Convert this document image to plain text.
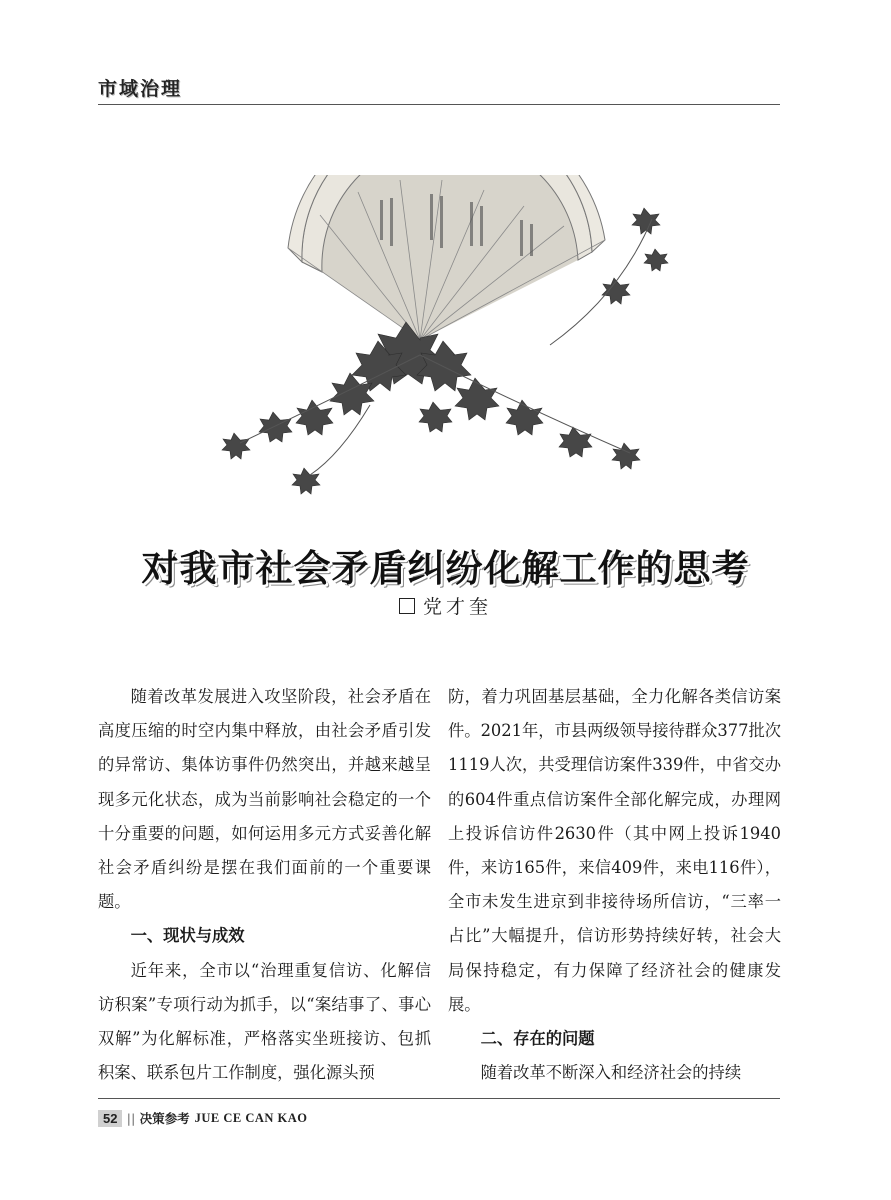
市域治理
对我市社会矛盾纠纷化解工作的思考
党才奎

随着改革发展进入攻坚阶段，社会矛盾在高度压缩的时空内集中释放，由社会矛盾引发的异常访、集体访事件仍然突出，并越来越呈现多元化状态，成为当前影响社会稳定的一个十分重要的问题，如何运用多元方式妥善化解社会矛盾纠纷是摆在我们面前的一个重要课题。

一、现状与成效

近年来，全市以“治理重复信访、化解信访积案”专项行动为抓手，以“案结事了、事心双解”为化解标准，严格落实坐班接访、包抓积案、联系包片工作制度，强化源头预

防，着力巩固基层基础，全力化解各类信访案件。2021年，市县两级领导接待群众377批次1119人次，共受理信访案件339件，中省交办的604件重点信访案件全部化解完成，办理网上投诉信访件2630件（其中网上投诉1940件，来访165件，来信409件，来电116件），全市未发生进京到非接待场所信访，“三率一占比”大幅提升，信访形势持续好转，社会大局保持稳定，有力保障了经济社会的健康发展。

二、存在的问题

随着改革不断深入和经济社会的持续

52 || 决策参考 JUE CE CAN KAO
